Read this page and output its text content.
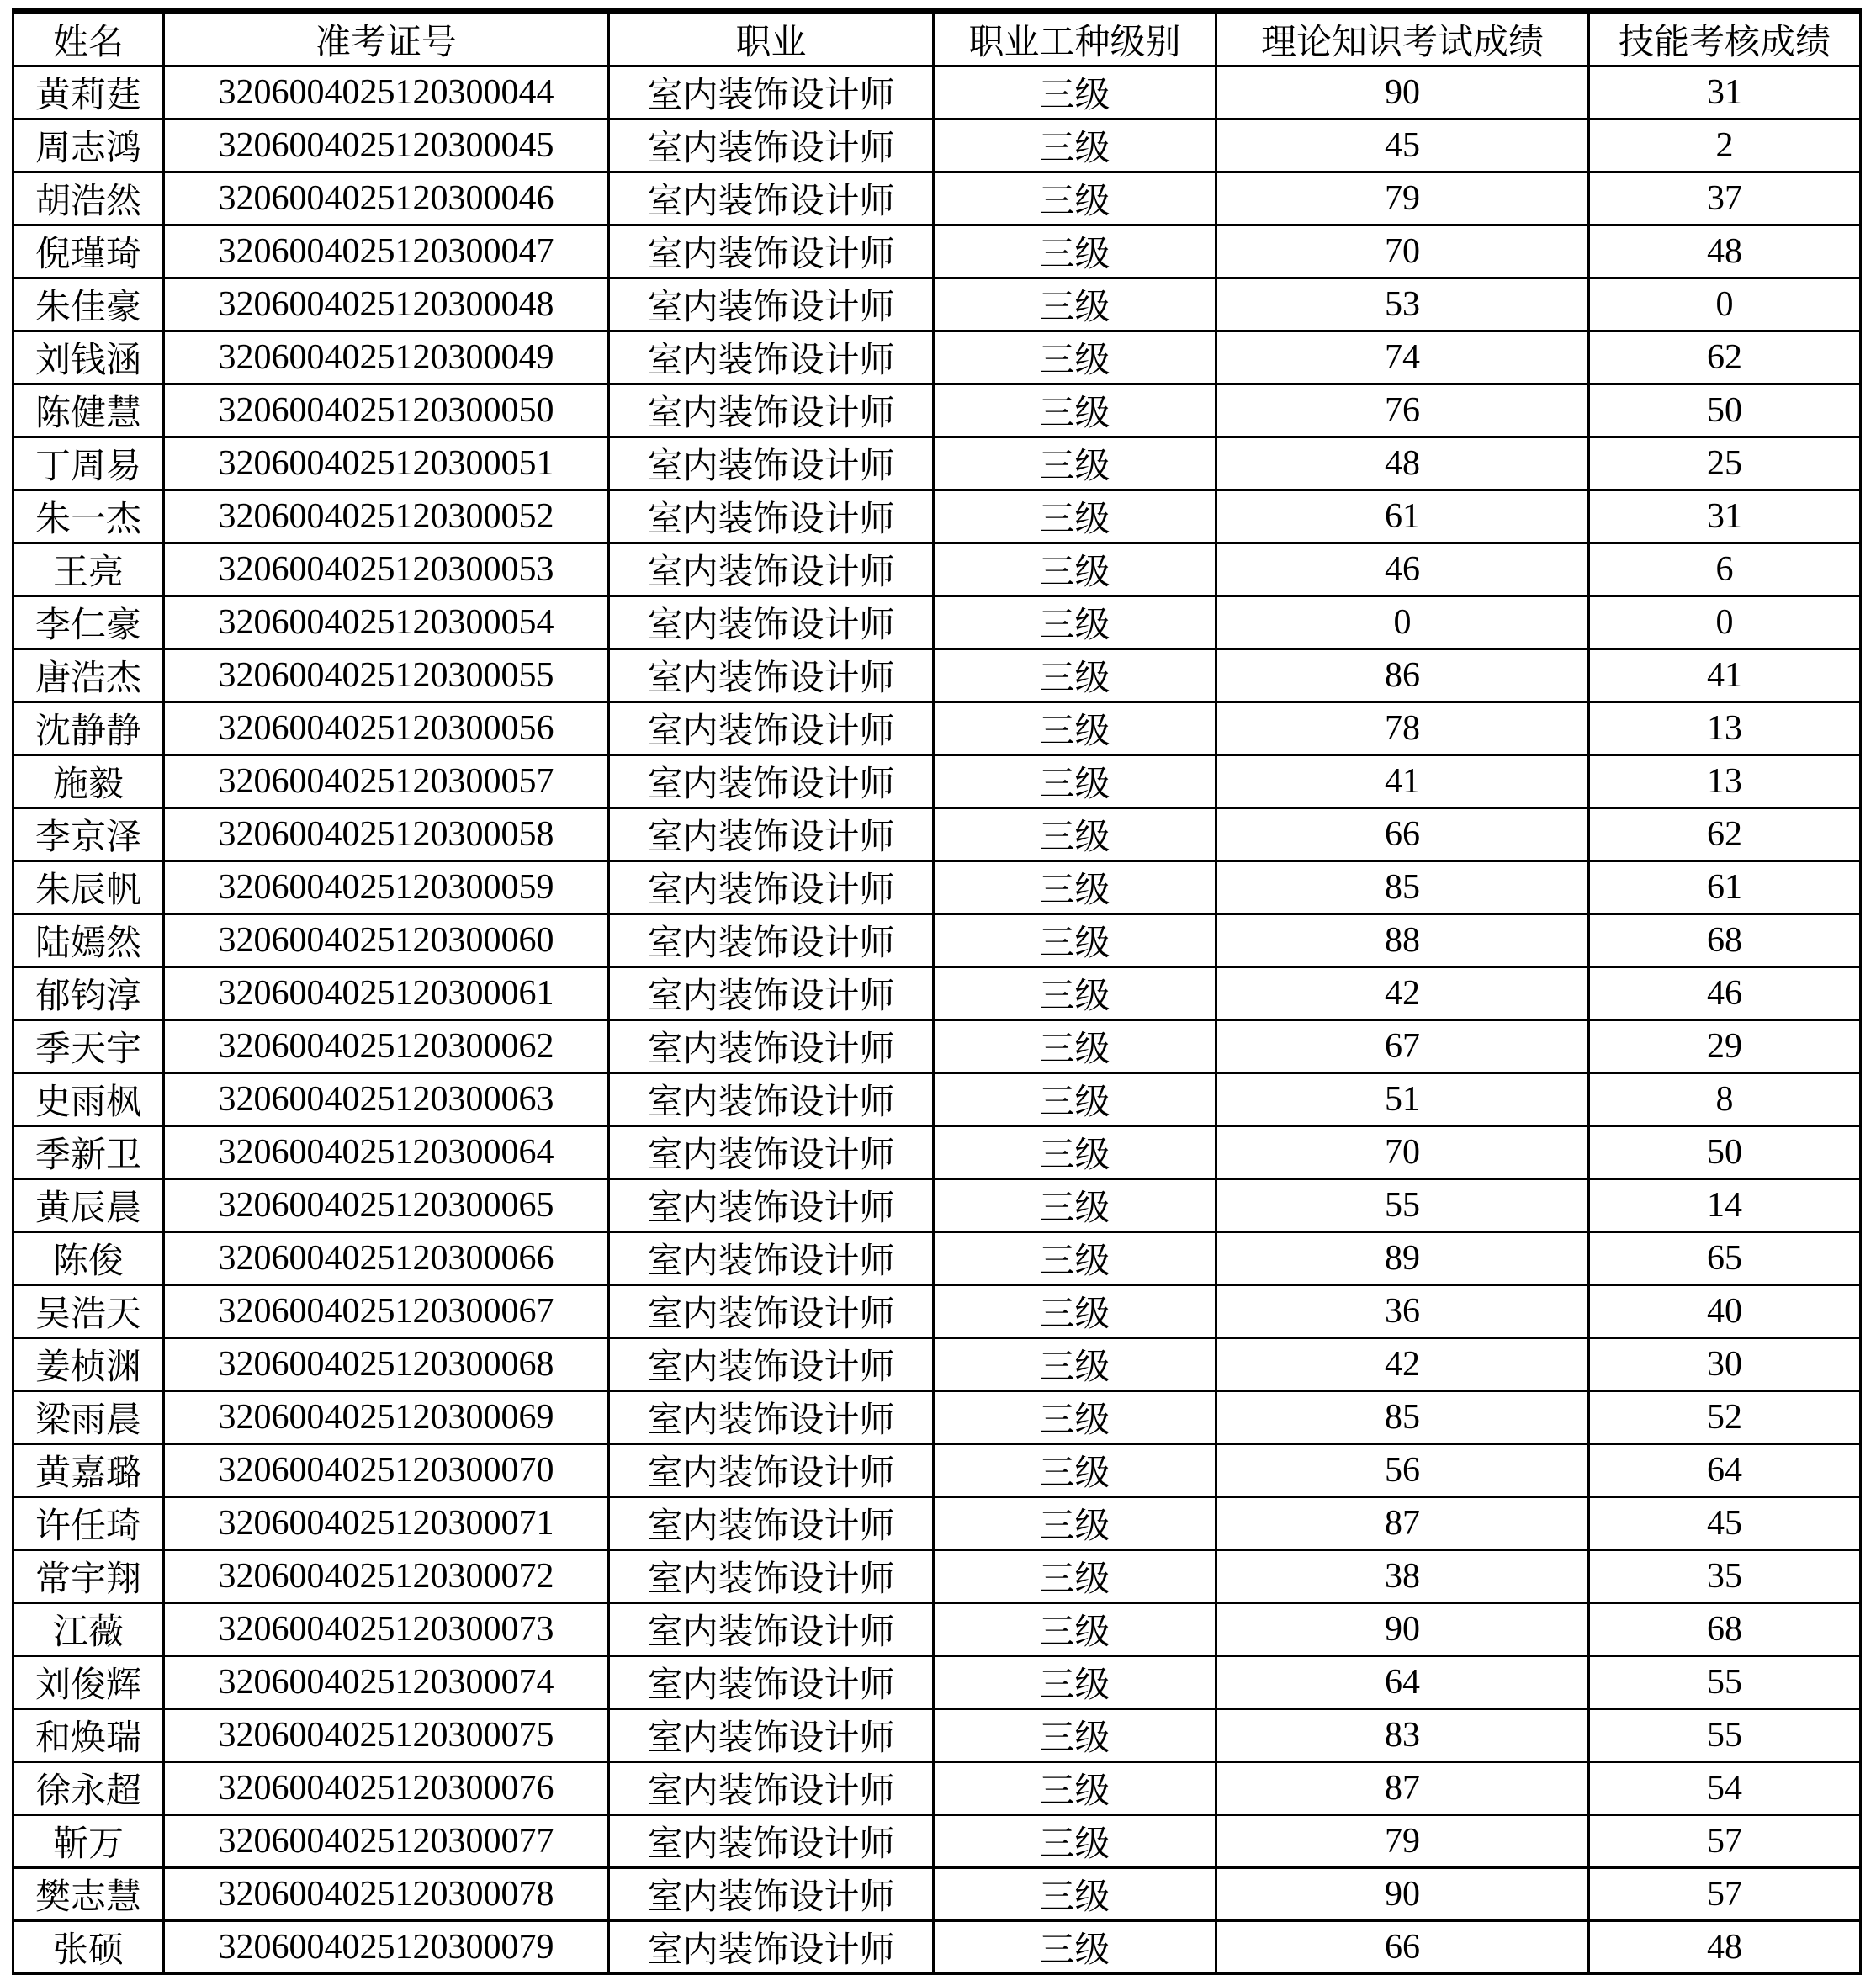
姓名	准考证号	职业	职业工种级别	理论知识考试成绩	技能考核成绩
黄莉莛	3206004025120300044	室内装饰设计师	三级	90	31
周志鸿	3206004025120300045	室内装饰设计师	三级	45	2
胡浩然	3206004025120300046	室内装饰设计师	三级	79	37
倪瑾琦	3206004025120300047	室内装饰设计师	三级	70	48
朱佳豪	3206004025120300048	室内装饰设计师	三级	53	0
刘钱涵	3206004025120300049	室内装饰设计师	三级	74	62
陈健慧	3206004025120300050	室内装饰设计师	三级	76	50
丁周易	3206004025120300051	室内装饰设计师	三级	48	25
朱一杰	3206004025120300052	室内装饰设计师	三级	61	31
王亮	3206004025120300053	室内装饰设计师	三级	46	6
李仁豪	3206004025120300054	室内装饰设计师	三级	0	0
唐浩杰	3206004025120300055	室内装饰设计师	三级	86	41
沈静静	3206004025120300056	室内装饰设计师	三级	78	13
施毅	3206004025120300057	室内装饰设计师	三级	41	13
李京泽	3206004025120300058	室内装饰设计师	三级	66	62
朱辰帆	3206004025120300059	室内装饰设计师	三级	85	61
陆嫣然	3206004025120300060	室内装饰设计师	三级	88	68
郁钧淳	3206004025120300061	室内装饰设计师	三级	42	46
季天宇	3206004025120300062	室内装饰设计师	三级	67	29
史雨枫	3206004025120300063	室内装饰设计师	三级	51	8
季新卫	3206004025120300064	室内装饰设计师	三级	70	50
黄辰晨	3206004025120300065	室内装饰设计师	三级	55	14
陈俊	3206004025120300066	室内装饰设计师	三级	89	65
吴浩天	3206004025120300067	室内装饰设计师	三级	36	40
姜桢渊	3206004025120300068	室内装饰设计师	三级	42	30
梁雨晨	3206004025120300069	室内装饰设计师	三级	85	52
黄嘉璐	3206004025120300070	室内装饰设计师	三级	56	64
许任琦	3206004025120300071	室内装饰设计师	三级	87	45
常宇翔	3206004025120300072	室内装饰设计师	三级	38	35
江薇	3206004025120300073	室内装饰设计师	三级	90	68
刘俊辉	3206004025120300074	室内装饰设计师	三级	64	55
和焕瑞	3206004025120300075	室内装饰设计师	三级	83	55
徐永超	3206004025120300076	室内装饰设计师	三级	87	54
靳万	3206004025120300077	室内装饰设计师	三级	79	57
樊志慧	3206004025120300078	室内装饰设计师	三级	90	57
张硕	3206004025120300079	室内装饰设计师	三级	66	48
